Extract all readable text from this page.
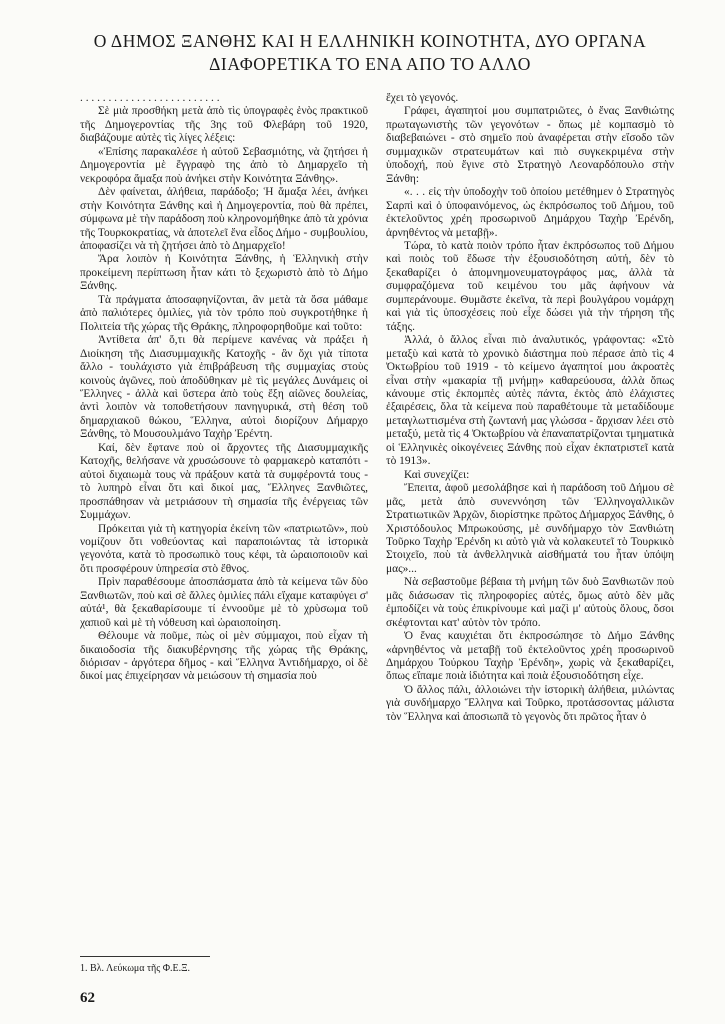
Ο ΔΗΜΟΣ ΞΑΝΘΗΣ ΚΑΙ Η ΕΛΛΗΝΙΚΗ ΚΟΙΝΟΤΗΤΑ, ΔΥΟ ΟΡΓΑΝΑ
ΔΙΑΦΟΡΕΤΙΚΑ ΤΟ ΕΝΑ ΑΠΟ ΤΟ ΑΛΛΟ

. . . . . . . . . . . . . . . . . . . . . . . . .

Σὲ μιὰ προσθήκη μετὰ ἀπὸ τὶς ὑπογραφὲς ἑνὸς πρακτικοῦ τῆς Δημογεροντίας τῆς 3ης τοῦ Φλεβάρη τοῦ 1920, διαβάζουμε αὐτὲς τὶς λίγες λέξεις:

«Ἐπίσης παρακαλέσε ἡ αὐτοῦ Σεβασμιότης, νὰ ζητήσει ἡ Δημογεροντία μὲ ἔγγραφὸ της ἀπὸ τὸ Δημαρχεῖο τὴ νεκροφόρα ἅμαξα ποὺ ἀνήκει στὴν Κοινότητα Ξάνθης».

Δὲν φαίνεται, ἀλήθεια, παράδοξο; Ἡ ἅμαξα λέει, ἀνήκει στὴν Κοινότητα Ξάνθης καὶ ἡ Δημογεροντία, ποὺ θὰ πρέπει, σύμφωνα μὲ τὴν παράδοση ποὺ κληρονομήθηκε ἀπὸ τὰ χρόνια τῆς Τουρκοκρατίας, νὰ ἀποτελεῖ ἕνα εἶδος Δήμο - συμβουλίου, ἀποφασίζει νὰ τὴ ζητήσει ἀπὸ τὸ Δημαρχεῖο!

Ἄρα λοιπὸν ἡ Κοινότητα Ξάνθης, ἡ Ἑλληνικὴ στὴν προκείμενη περίπτωση ἦταν κάτι τὸ ξεχωριστὸ ἀπὸ τὸ Δήμο Ξάνθης.

Τὰ πράγματα ἀποσαφηνίζονται, ἂν μετὰ τὰ ὅσα μάθαμε ἀπὸ παλιότερες ὁμιλίες, γιὰ τὸν τρόπο ποὺ συγκροτήθηκε ἡ Πολιτεία τῆς χώρας τῆς Θράκης, πληροφορηθοῦμε καὶ τοῦτο:

Ἀντίθετα ἀπ' ὅ,τι θὰ περίμενε κανένας νὰ πράξει ἡ Διοίκηση τῆς Διασυμμαχικῆς Κατοχῆς - ἂν ὄχι γιὰ τίποτα ἄλλο - τουλάχιστο γιὰ ἐπιβράβευση τῆς συμμαχίας στοὺς κοινοὺς ἀγῶνες, ποὺ ἀποδὐθηκαν μὲ τὶς μεγάλες Δυνάμεις οἱ Ἕλληνες - ἀλλὰ καὶ ὕστερα ἀπὸ τοὺς ἔξη αἰῶνες δουλείας, ἀντὶ λοιπὸν νὰ τοποθετήσουν πανηγυρικά, στὴ θέση τοῦ δημαρχιακοῦ θώκου, Ἕλληνα, αὐτοὶ διορίζουν Δήμαρχο Ξάνθης, τὸ Μουσουλμάνο Ταχὴρ Ἐρέντη.

Καί, δὲν ἔφτανε ποὺ οἱ ἄρχοντες τῆς Διασυμμαχικῆς Κατοχῆς, θελήσανε νὰ χρυσώσουνε τὸ φαρμακερὸ καταπότι - αὐτοὶ διχαιωμὰ τους νὰ πράξουν κατὰ τὰ συμφέροντά τους - τὸ λυπηρὸ εἶναι ὅτι καὶ δικοί μας, Ἕλληνες Ξανθιῶτες, προσπάθησαν νὰ μετριάσουν τὴ σημασία τῆς ἐνέργειας τῶν Συμμάχων.

Πρόκειται γιὰ τὴ κατηγορία ἐκείνη τῶν «πατριωτῶν», ποὺ νομίζουν ὅτι νοθεύοντας καὶ παραποιώντας τὰ ἱστορικὰ γεγονότα, κατὰ τὸ προσωπικὸ τους κέφι, τὰ ὡραιοποιοῦν καὶ ὅτι προσφέρουν ὑπηρεσία στὸ ἔθνος.

Πρὶν παραθέσουμε ἀποσπάσματα ἀπὸ τὰ κείμενα τῶν δὺο Ξανθιωτῶν, ποὺ καὶ σὲ ἄλλες ὁμιλίες πάλι εἴχαμε καταφύγει σ' αὐτά¹, θὰ ξεκαθαρίσουμε τί ἐννοοῦμε μὲ τὸ χρὺσωμα τοῦ χαπιοῦ καὶ μὲ τὴ νόθευση καὶ ὡραιοποίηση.

Θέλουμε νὰ ποῦμε, πὼς οἱ μὲν σύμμαχοι, ποὺ εἶχαν τὴ δικαιοδοσία τῆς διακυβέρνησης τῆς χώρας τῆς Θράκης, διόρισαν - ἀργότερα δῆμος - καὶ Ἕλληνα Ἀντιδήμαρχο, οἱ δὲ δικοί μας ἐπιχείρησαν νὰ μειώσουν τὴ σημασία ποὺ

ἔχει τὸ γεγονός.

Γράφει, ἀγαπητοί μου συμπατριῶτες, ὁ ἕνας Ξανθιώτης πρωταγωνιστὴς τῶν γεγονότων - ὅπως μὲ κομπασμὸ τὸ διαβεβαιώνει - στὸ σημεῖο ποὺ ἀναφέρεται στὴν εἴσοδο τῶν συμμαχικῶν στρατευμάτων καὶ πιὸ συγκεκριμένα στὴν ὑποδοχή, ποὺ ἔγινε στὸ Στρατηγὸ Λεοναρδόπουλο στὴν Ξάνθη:

«. . . εἰς τὴν ὑποδοχὴν τοῦ ὁποίου μετέθημεν ὁ Στρατηγὸς Σαρπὶ καὶ ὁ ὑποφαινόμενος, ὡς ἐκπρόσωπος τοῦ Δήμου, τοῦ ἐκτελοῦντος χρέη προσωρινοῦ Δημάρχου Ταχὴρ Ἐρένδη, ἀρνηθέντος νὰ μεταβῇ».

Τώρα, τὸ κατὰ ποιὸν τρόπο ἦταν ἐκπρόσωπος τοῦ Δήμου καὶ ποιὸς τοῦ ἔδωσε τὴν ἐξουσιοδότηση αὐτή, δὲν τὸ ξεκαθαρίζει ὁ ἀπομνημονευματογράφος μας, ἀλλὰ τὰ συμφραζόμενα τοῦ κειμένου του μᾶς ἀφήνουν νὰ συμπεράνουμε. Θυμᾶστε ἐκεῖνα, τὰ περὶ βουλγάρου νομάρχη καὶ γιὰ τὶς ὑποσχέσεις ποὺ εἶχε δώσει γιὰ τὴν τήρηση τῆς τάξης.

Ἀλλά, ὁ ἄλλος εἶναι πιὸ ἀναλυτικός, γράφοντας: «Στὸ μεταξὺ καὶ κατὰ τὸ χρονικὸ διάστημα ποὺ πέρασε ἀπὸ τὶς 4 Ὀκτωβρίου τοῦ 1919 - τὸ κείμενο ἀγαπητοί μου ἀκροατὲς εἶναι στὴν «μακαρία τῇ μνήμῃ» καθαρεύουσα, ἀλλὰ ὅπως κάνουμε στὶς ἐκπομπὲς αὐτὲς πάντα, ἐκτὸς ἀπὸ ἐλάχιστες ἐξαιρέσεις, ὅλα τὰ κείμενα ποὺ παραθέτουμε τὰ μεταδίδουμε μεταγλωττισμένα στὴ ζωντανή μας γλώσσα - ἄρχισαν λέει στὸ μεταξύ, μετὰ τὶς 4 Ὀκτωβρίου νὰ ἐπαναπατρίζονται τμηματικὰ οἱ Ἑλληνικὲς οἰκογένειες Ξάνθης ποὺ εἶχαν ἐκπατριστεῖ κατὰ τὸ 1913».

Καὶ συνεχίζει:

Ἔπειτα, ἀφοῦ μεσολάβησε καὶ ἡ παράδοση τοῦ Δήμου σὲ μᾶς, μετὰ ἀπὸ συνεννόηση τῶν Ἑλληνογαλλικῶν Στρατιωτικῶν Ἀρχῶν, διορίστηκε πρῶτος Δήμαρχος Ξάνθης, ὁ Χριστόδουλος Μπρωκούσης, μὲ συνδήμαρχο τὸν Ξανθιώτη Τοῦρκο Ταχὴρ Ἐρένδη κι αὐτὸ γιὰ νὰ κολακευτεῖ τὸ Τουρκικὸ Στοιχεῖο, ποὺ τὰ ἀνθελληνικὰ αἰσθήματά του ἦταν ὑπόψη μας»...

Νὰ σεβαστοῦμε βέβαια τὴ μνήμη τῶν δυὸ Ξανθιωτῶν ποὺ μᾶς διάσωσαν τὶς πληροφορίες αὐτές, ὅμως αὐτὸ δὲν μᾶς ἐμποδίζει νὰ τοὺς ἐπικρίνουμε καὶ μαζὶ μ' αὐτοὺς ὅλους, ὅσοι σκέφτονται κατ' αὐτὸν τὸν τρόπο.

Ὁ ἕνας καυχιέται ὅτι ἐκπροσώπησε τὸ Δήμο Ξάνθης «ἀρνηθέντος νὰ μεταβῇ τοῦ ἐκτελοῦντος χρέη προσωρινοῦ Δημάρχου Τούρκου Ταχὴρ Ἐρένδη», χωρὶς νὰ ξεκαθαρίζει, ὅπως εἴπαμε ποιὰ ἰδιότητα καὶ ποιὰ ἐξουσιοδότηση εἶχε.

Ὁ ἄλλος πάλι, ἀλλοιώνει τὴν ἱστορικὴ ἀλήθεια, μιλώντας γιὰ συνδήμαρχο Ἕλληνα καὶ Τοῦρκο, προτάσσοντας μάλιστα τὸν Ἕλληνα καὶ ἀποσιωπᾶ τὸ γεγονὸς ὅτι πρῶτος ἦταν ὁ

1. Βλ. Λεύκωμα τῆς Φ.Ε.Ξ.
62
